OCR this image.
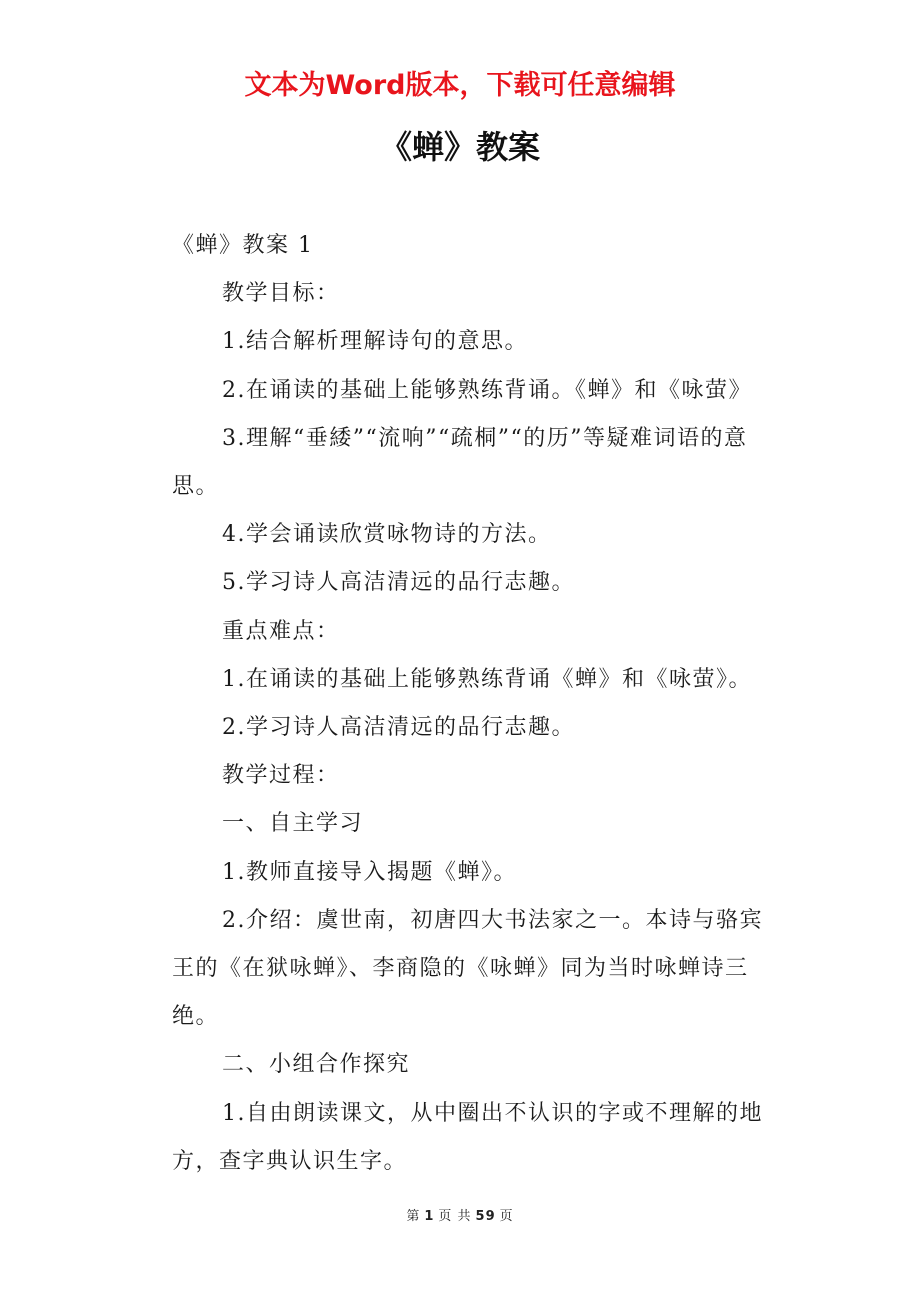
文本为Word版本，下载可任意编辑
《蝉》教案

《蝉》教案 1

教学目标：

1.结合解析理解诗句的意思。

2.在诵读的基础上能够熟练背诵。《蝉》和《咏萤》

3.理解“垂緌”“流响”“疏桐”“的历”等疑难词语的意思。

4.学会诵读欣赏咏物诗的方法。

5.学习诗人高洁清远的品行志趣。

重点难点：

1.在诵读的基础上能够熟练背诵《蝉》和《咏萤》。

2.学习诗人高洁清远的品行志趣。

教学过程：

一、自主学习

1.教师直接导入揭题《蝉》。

2.介绍：虞世南，初唐四大书法家之一。本诗与骆宾王的《在狱咏蝉》、李商隐的《咏蝉》同为当时咏蝉诗三绝。

二、小组合作探究

1.自由朗读课文，从中圈出不认识的字或不理解的地方，查字典认识生字。

第 1 页 共 59 页
